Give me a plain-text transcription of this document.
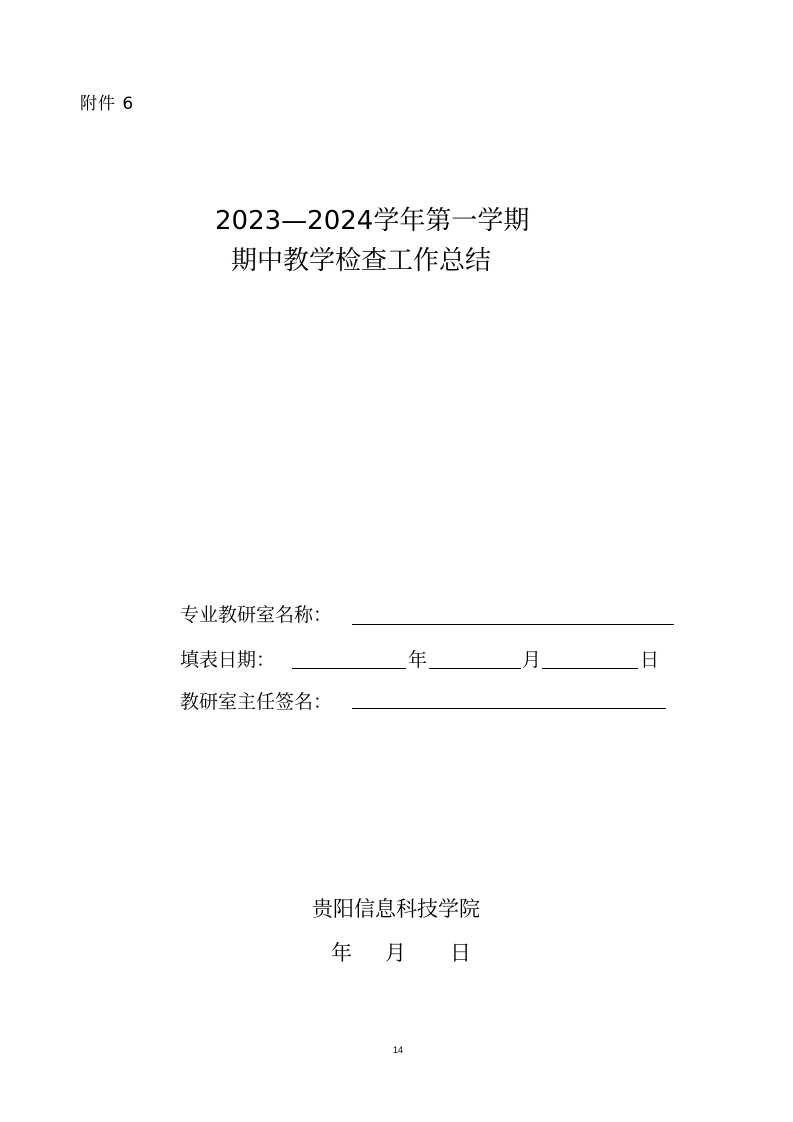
附件 6
2023—2024学年第一学期
期中教学检查工作总结
专业教研室名称：
填表日期：	年	月	日
教研室主任签名：
贵阳信息科技学院
年 月 日
14
